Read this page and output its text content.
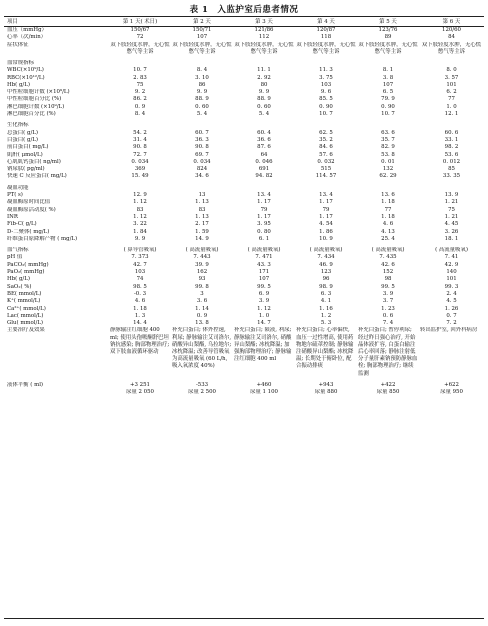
表 1　入监护室后患者情况
项目	第 1 天( 术日)	第 2 天	第 3 天	第 4 天	第 5 天	第 6 天
血压（mmHg）	150/67	150/71	121/86	120/87	123/76	120/60
心率（次/min）	72	107	112	118	89	84
症状体征	双下肢轻度水肿，无心慌憋气等主诉	双下肢轻度水肿，无心慌憋气等主诉	双下肢轻度水肿，无心慌憋气等主诉	双下肢轻度水肿，无心慌憋气等主诉	双下肢轻度水肿，无心慌憋气等主诉	双下肢轻度水肿，无心慌憋气等主诉

血常规指标						
WBC(×10⁹/L)	10. 7	8. 4	11. 1	11. 3	8. 1	8. 0
RBC(×10¹²/L)	2. 83	3. 10	2. 92	3. 75	3. 8	3. 57
Hb( g/L)	75	86	80	103	107	101
中性粒细胞计数 (×10⁹/L)	9. 2	9. 9	9. 9	9. 6	6. 5	6. 2
中性粒细胞百分比 (%)	86. 2	88. 9	88. 9	85. 5	79. 9	77
淋巴细胞计数 (×10⁹/L)	0. 9	0. 60	0. 60	0. 90	0. 90	1. 0
淋巴细胞百分比 (%)	8. 4	5. 4	5. 4	10. 7	10. 7	12. 1

生化指标						
总蛋白( g/L)	54. 2	60. 7	60. 4	62. 5	63. 6	60. 6
白蛋白( g/L)	31. 4	36. 3	36. 6	35. 2	35. 7	33. 1
前白蛋白( mg/L)	90. 8	90. 8	87. 6	84. 6	82. 9	98. 2
肌酐( μmol/L)	72. 7	69. 7	64	57. 6	53. 8	53. 6
心肌肌钙蛋白( ng/ml)	0. 034	0. 034	0. 046	0. 032	0. 01	0. 012
钠尿肽( pg/ml)	369	824	691	515	132	85
快速 C 反应蛋白( mg/L)	15. 49	34. 6	94. 82	114. 57	62. 29	33. 35

凝血功能						
PT( s)	12. 9	13	13. 4	13. 4	13. 6	13. 9
凝血酶原时间比值	1. 12	1. 13	1. 17	1. 17	1. 18	1. 21
凝血酶原活动度( %)	83	83	79	79	77	75
INR	1. 12	1. 13	1. 17	1. 17	1. 18	1. 21
Fib-C( g/L)	3. 22	2. 17	3. 95	4. 54	4. 6	4. 45
D-二聚体( mg/L)	1. 84	1. 59	0. 80	1. 86	4. 13	3. 26
纤维蛋白原降解产物 ( mg/L)	9. 9	14. 9	6. 1	10. 9	25. 4	18. 1

血气指标	( 鼻导管吸氧)	( 高流量吸氧)	( 高流量吸氧)	( 高流量吸氧)	( 高流量吸氧)	( 高流量吸氧)
pH 值	7. 373	7. 443	7. 471	7. 434	7. 435	7. 41
PaCO₂( mmHg)	42. 7	39. 9	43. 3	46. 9	42. 6	42. 9
PaO₂( mmHg)	103	162	171	123	152	140
Hb( g/L)	74	93	107	96	98	101
SaO₂( %)	98. 5	99. 8	99. 5	98. 9	99. 5	99. 3
BE( mmol/L)	-0. 3	3	6. 9	6. 3	3. 9	2. 4
K⁺( mmol/L)	4. 6	3. 6	3. 9	4. 1	3. 7	4. 5
Ca²⁺( mmol/L)	1. 18	1. 14	1. 12	1. 16	1. 23	1. 26
Lac( mmol/L)	1. 3	0. 9	1. 0	1. 2	0. 6	0. 7
Glu( mmol/L)	14. 4	13. 8	14. 7	5. 3	7. 4	7. 2
主要治疗及效果	静脉输注红细胞 400 ml; 使用头孢哌酮舒巴坦钠抗感染; 胸部物理治疗; 双下肢血液循环驱动	补充白蛋白; 体外控速, 利尿; 静脉输注艾司洛尔, 硝酸异山梨酯, 乌拉地尔; 冰枕降温; 改善导管吸氧为高流量吸氧 (60 L/h, 吸入氧浓度 40%)	补充白蛋白; 限液, 利尿; 静脉输注艾司洛尔, 硝酸异山梨酯; 冰枕降温; 加强胸部物理治疗; 静脉输注红细胞 400 ml	补充白蛋白; 心率偏快, 血压一过性增高, 使用药物地尔硫䓬控制; 静脉输注硝酸异山梨酯; 冰枕降温; 长期处于俯卧位, 配合振动排痰	补充白蛋白; 暂停利尿; 经过昨日强心治疗, 开始晶体液扩容, 白蛋白输注后心率回落; 静脉注射低分子量肝素钠预防静脉血栓; 胸部物理治疗; 继续监测	转出监护室, 回外科病房

液体平衡 ( ml)	+3 251	-533	+460	+943	+422	+622
	尿量 2 050	尿量 2 500	尿量 1 100	尿量 880	尿量 850	尿量 950
